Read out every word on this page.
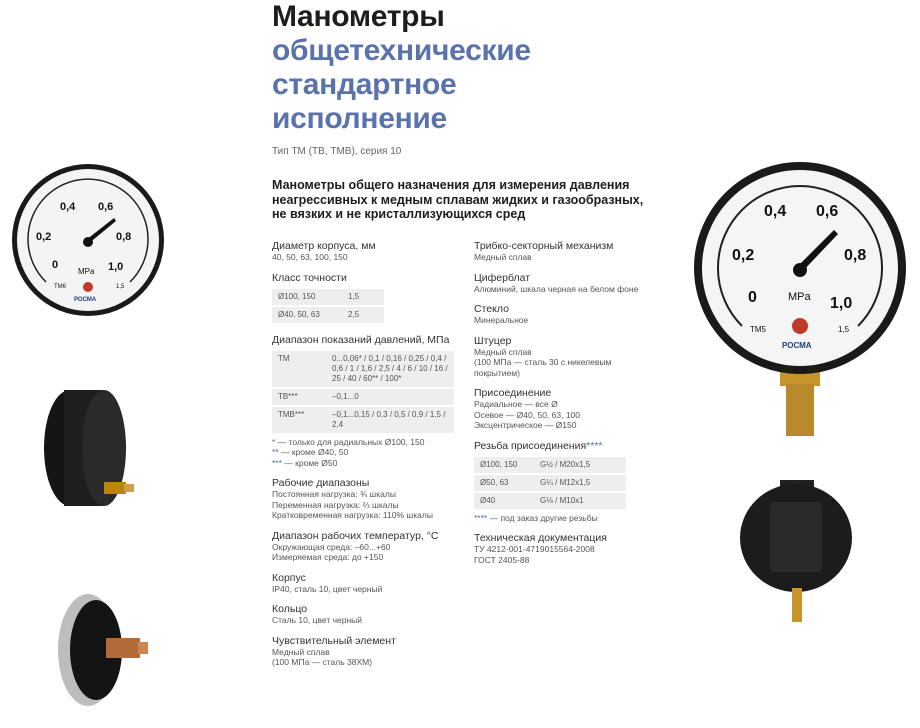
Манометры
общетехнические
стандартное
исполнение
Тип ТМ (ТВ, ТМВ), серия 10
Манометры общего назначения для измерения давления неагрессивных к медным сплавам жидких и газообразных, не вязких и не кристаллизующихся сред
Диаметр корпуса, мм
40, 50, 63, 100, 150
Класс точности
Ø100, 150	1,5
Ø40, 50, 63	2,5
Диапазон показаний давлений, МПа
ТМ	0...0,06* / 0,1 / 0,16 / 0,25 / 0,4 / 0,6 / 1 / 1,6 / 2,5 / 4 / 6 / 10 / 16 / 25 / 40 / 60** / 100*
ТВ***	–0,1...0
ТМВ***	–0,1...0,15 / 0,3 / 0,5 / 0,9 / 1,5 / 2,4
* — только для радиальных Ø100, 150
** — кроме Ø40, 50
*** — кроме Ø50
Рабочие диапазоны
Постоянная нагрузка: ¾ шкалы
Переменная нагрузка: ⅔ шкалы
Кратковременная нагрузка: 110% шкалы
Диапазон рабочих температур, °С
Окружающая среда: –60...+60
Измеряемая среда: до +150
Корпус
IP40, сталь 10, цвет черный
Кольцо
Сталь 10, цвет черный
Чувствительный элемент
Медный сплав
(100 МПа — сталь 38ХМ)
Трибко-секторный механизм
Медный сплав
Циферблат
Алюминий, шкала черная на белом фоне
Стекло
Минеральное
Штуцер
Медный сплав
(100 МПа — сталь 30 с никелевым
покрытием)
Присоединение
Радиальное — все Ø
Осевое — Ø40, 50, 63, 100
Эксцентрическое — Ø150
Резьба присоединения****
Ø100, 150	G½ / M20x1,5
Ø50, 63	G¼ / M12x1,5
Ø40	G⅛ / M10x1
**** — под заказ другие резьбы
Техническая документация
ТУ 4212-001-4719015564-2008
ГОСТ 2405-88
0
0,2
0,4 0,6
0,8
1,0
MPa
ТМ6	1,5
РОСМА	0
0,2
0,4 0,6
0,8
1,0
MPa
ТМ5	1,5
РОСМА
